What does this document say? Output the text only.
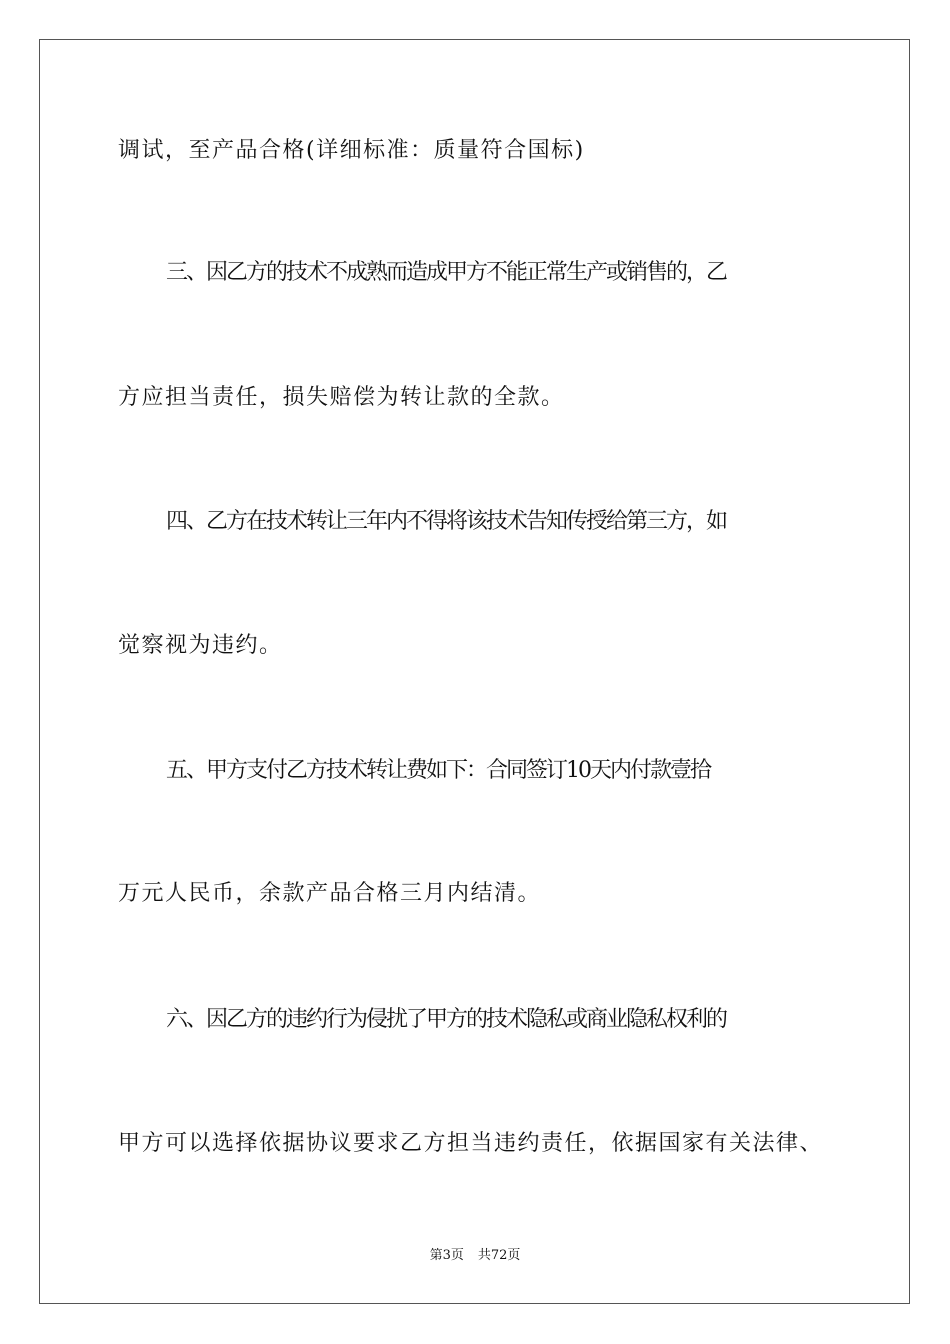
调试，至产品合格(详细标准：质量符合国标)
三、因乙方的技术不成熟而造成甲方不能正常生产或销售的，乙
方应担当责任，损失赔偿为转让款的全款。
四、乙方在技术转让三年内不得将该技术告知传授给第三方，如
觉察视为违约。
五、甲方支付乙方技术转让费如下：合同签订10天内付款壹拾
万元人民币，余款产品合格三月内结清。
六、因乙方的违约行为侵扰了甲方的技术隐私或商业隐私权利的
甲方可以选择依据协议要求乙方担当违约责任，依据国家有关法律、
第3页 共72页
